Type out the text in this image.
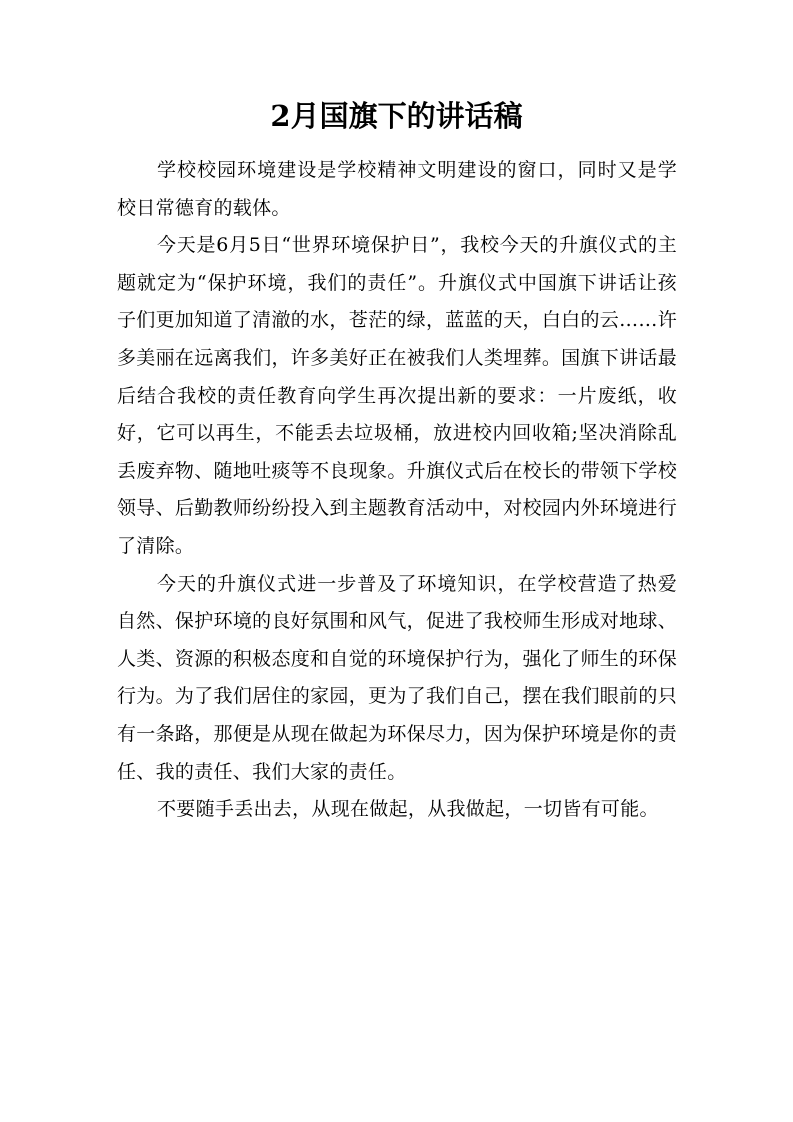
2月国旗下的讲话稿

学校校园环境建设是学校精神文明建设的窗口，同时又是学校日常德育的载体。

今天是6月5日“世界环境保护日”，我校今天的升旗仪式的主题就定为“保护环境，我们的责任”。升旗仪式中国旗下讲话让孩子们更加知道了清澈的水，苍茫的绿，蓝蓝的天，白白的云……许多美丽在远离我们，许多美好正在被我们人类埋葬。国旗下讲话最后结合我校的责任教育向学生再次提出新的要求：一片废纸，收好，它可以再生，不能丢去垃圾桶，放进校内回收箱;坚决消除乱丢废弃物、随地吐痰等不良现象。升旗仪式后在校长的带领下学校领导、后勤教师纷纷投入到主题教育活动中，对校园内外环境进行了清除。

今天的升旗仪式进一步普及了环境知识，在学校营造了热爱自然、保护环境的良好氛围和风气，促进了我校师生形成对地球、人类、资源的积极态度和自觉的环境保护行为，强化了师生的环保行为。为了我们居住的家园，更为了我们自己，摆在我们眼前的只有一条路，那便是从现在做起为环保尽力，因为保护环境是你的责任、我的责任、我们大家的责任。

不要随手丢出去，从现在做起，从我做起，一切皆有可能。
